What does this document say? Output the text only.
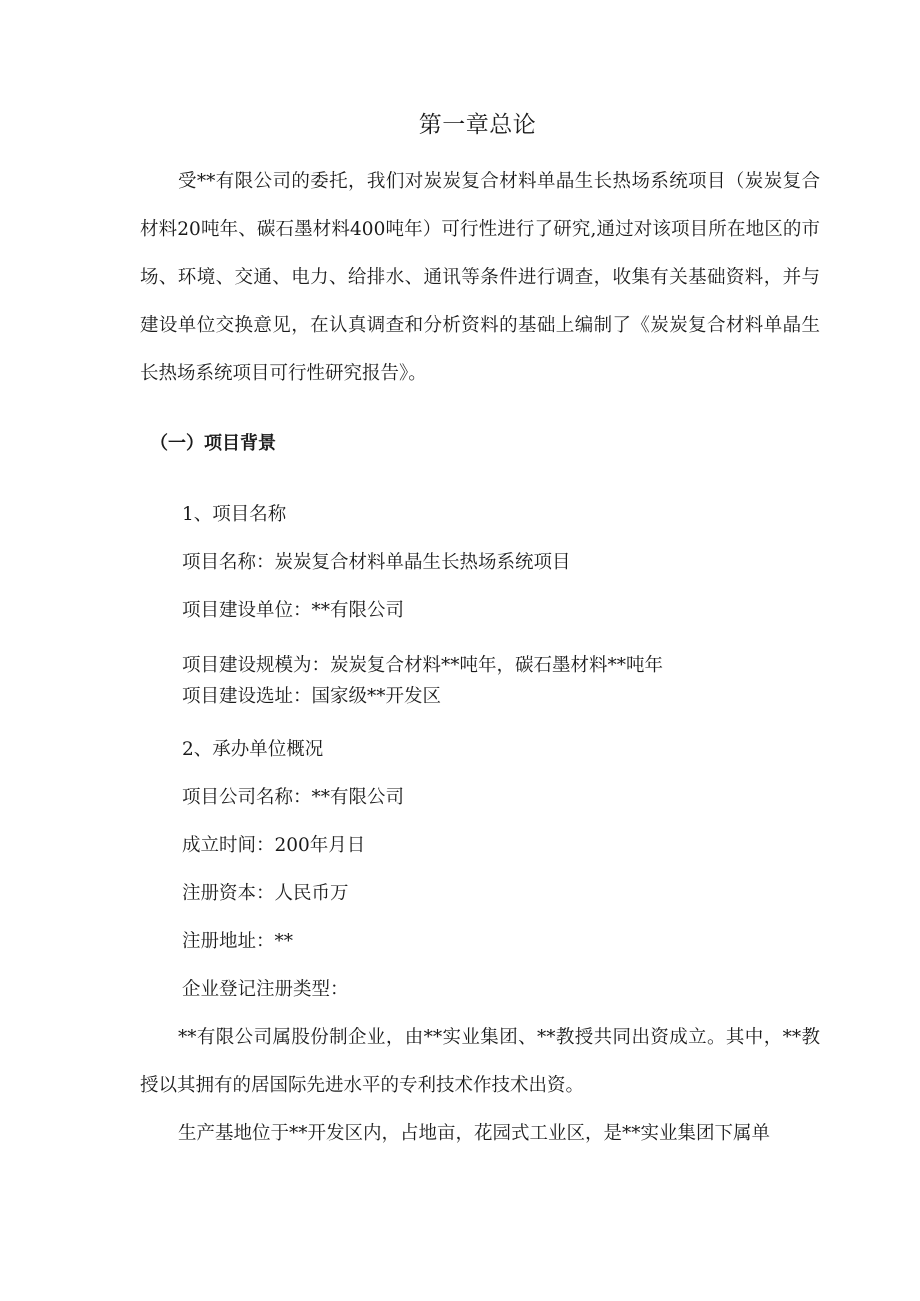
第一章总论
受**有限公司的委托，我们对炭炭复合材料单晶生长热场系统项目（炭炭复合材料20吨年、碳石墨材料400吨年）可行性进行了研究,通过对该项目所在地区的市场、环境、交通、电力、给排水、通讯等条件进行调查，收集有关基础资料，并与建设单位交换意见，在认真调查和分析资料的基础上编制了《炭炭复合材料单晶生长热场系统项目可行性研究报告》。
（一）项目背景
1、项目名称
项目名称：炭炭复合材料单晶生长热场系统项目
项目建设单位：**有限公司
项目建设规模为：炭炭复合材料**吨年，碳石墨材料**吨年
项目建设选址：国家级**开发区
2、承办单位概况
项目公司名称：**有限公司
成立时间：200年月日
注册资本：人民币万
注册地址：**
企业登记注册类型：
**有限公司属股份制企业，由**实业集团、**教授共同出资成立。其中，**教授以其拥有的居国际先进水平的专利技术作技术出资。
生产基地位于**开发区内，占地亩，花园式工业区，是**实业集团下属单
